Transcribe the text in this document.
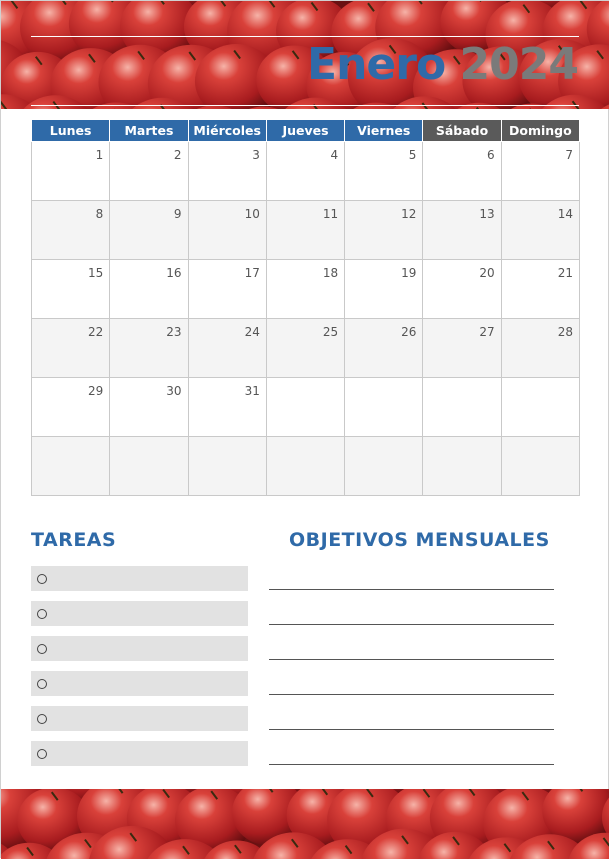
Enero 2024
Lunes	Martes	Miércoles	Jueves	Viernes	Sábado	Domingo
1	2	3	4	5	6	7
8	9	10	11	12	13	14
15	16	17	18	19	20	21
22	23	24	25	26	27	28
29	30	31				

TAREAS	OBJETIVOS MENSUALES
